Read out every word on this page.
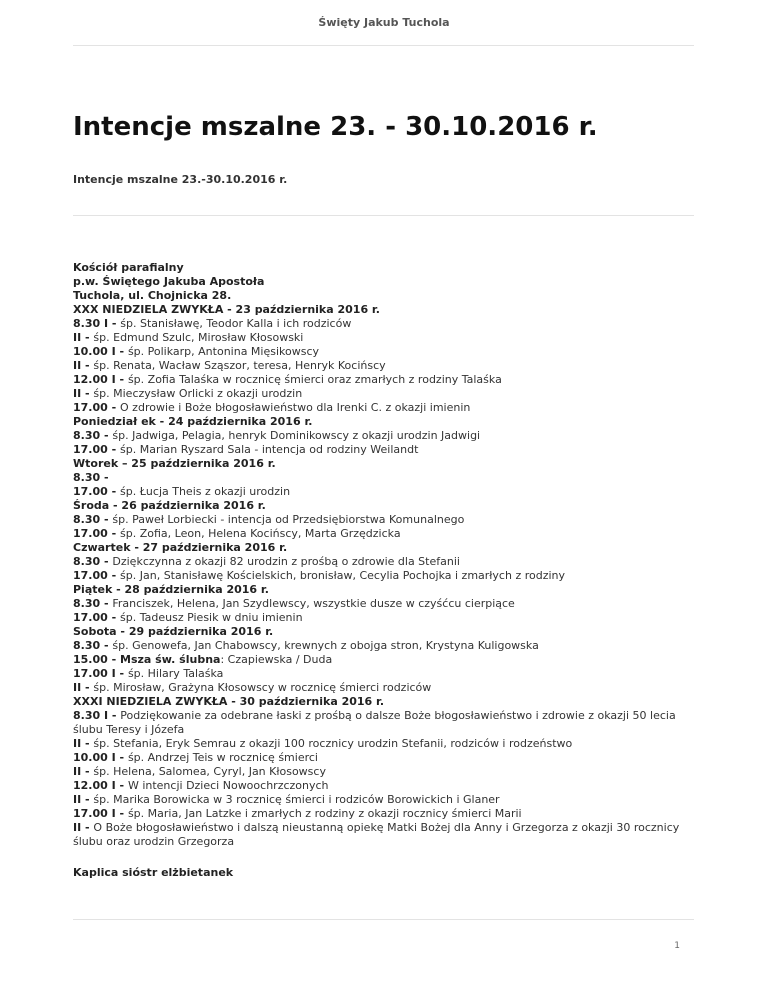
Święty Jakub Tuchola
Intencje mszalne 23. - 30.10.2016 r.
Intencje mszalne 23.-30.10.2016 r.
Kościół parafialny
p.w. Świętego Jakuba Apostoła
Tuchola, ul. Chojnicka 28.
XXX NIEDZIELA ZWYKŁA - 23 października 2016 r.
8.30 I - śp. Stanisławę, Teodor Kalla i ich rodziców
II - śp. Edmund Szulc, Mirosław Kłosowski
10.00 I - śp. Polikarp, Antonina Mięsikowscy
II - śp. Renata, Wacław Sząszor, teresa, Henryk Kocińscy
12.00 I - śp. Zofia Talaśka w rocznicę śmierci oraz zmarłych z rodziny Talaśka
II - śp. Mieczysław Orlicki z okazji urodzin
17.00 - O zdrowie i Boże błogosławieństwo dla Irenki C. z okazji imienin
Poniedział ek - 24 października 2016 r.
8.30 - śp. Jadwiga, Pelagia, henryk Dominikowscy z okazji urodzin Jadwigi
17.00 - śp. Marian Ryszard Sala - intencja od rodziny Weilandt
Wtorek – 25 października 2016 r.
8.30 -
17.00 - śp. Łucja Theis z okazji urodzin
Środa - 26 października 2016 r.
8.30 - śp. Paweł Lorbiecki - intencja od Przedsiębiorstwa Komunalnego
17.00 - śp. Zofia, Leon, Helena Kocińscy, Marta Grzędzicka
Czwartek - 27 października 2016 r.
8.30 - Dziękczynna z okazji 82 urodzin z prośbą o zdrowie dla Stefanii
17.00 - śp. Jan, Stanisławę Kościelskich, bronisław, Cecylia Pochojka i zmarłych z rodziny
Piątek - 28 października 2016 r.
8.30 - Franciszek, Helena, Jan Szydlewscy, wszystkie dusze w czyśćcu cierpiące
17.00 - śp. Tadeusz Piesik w dniu imienin
Sobota - 29 października 2016 r.
8.30 - śp. Genowefa, Jan Chabowscy, krewnych z obojga stron, Krystyna Kuligowska
15.00 - Msza św. ślubna: Czapiewska / Duda
17.00 I - śp. Hilary Talaśka
II - śp. Mirosław, Grażyna Kłosowscy w rocznicę śmierci rodziców
XXXI NIEDZIELA ZWYKŁA - 30 października 2016 r.
8.30 I - Podziękowanie za odebrane łaski z prośbą o dalsze Boże błogosławieństwo i zdrowie z okazji 50 lecia ślubu Teresy i Józefa
II - śp. Stefania, Eryk Semrau z okazji 100 rocznicy urodzin Stefanii, rodziców i rodzeństwo
10.00 I - śp. Andrzej Teis w rocznicę śmierci
II - śp. Helena, Salomea, Cyryl, Jan Kłosowscy
12.00 I - W intencji Dzieci Nowoochrzczonych
II - śp. Marika Borowicka w 3 rocznicę śmierci i rodziców Borowickich i Glaner
17.00 I - śp. Maria, Jan Latzke i zmarłych z rodziny z okazji rocznicy śmierci Marii
II - O Boże błogosławieństwo i dalszą nieustanną opiekę Matki Bożej dla Anny i Grzegorza z okazji 30 rocznicy ślubu oraz urodzin Grzegorza
Kaplica sióstr elżbietanek
1
